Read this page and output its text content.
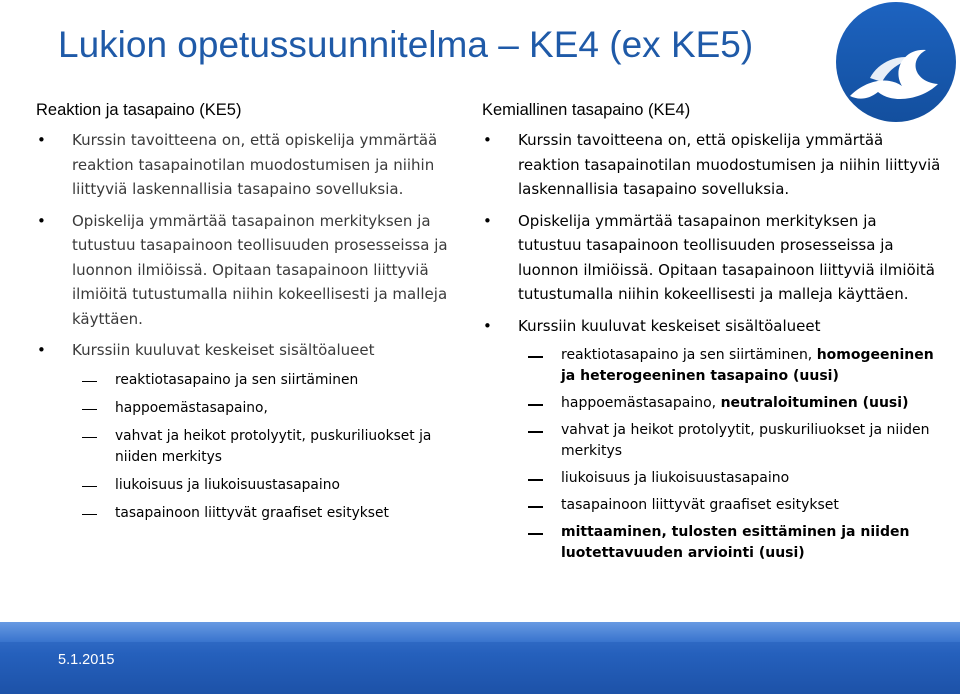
Lukion opetussuunnitelma – KE4 (ex KE5)
Reaktion ja tasapaino (KE5)
• Kurssin tavoitteena on, että opiskelija ymmärtää reaktion tasapainotilan muodostumisen ja niihin liittyviä laskennallisia tasapaino sovelluksia.
• Opiskelija ymmärtää tasapainon merkityksen ja tutustuu tasapainoon teollisuuden prosesseissa ja luonnon ilmiöissä. Opitaan tasapainoon liittyviä ilmiöitä tutustumalla niihin kokeellisesti ja malleja käyttäen.
• Kurssiin kuuluvat keskeiset sisältöalueet
reaktiotasapaino ja sen siirtäminen
happoemästasapaino,
vahvat ja heikot protolyytit, puskuriliuokset ja niiden merkitys
liukoisuus ja liukoisuustasapaino
tasapainoon liittyvät graafiset esitykset
Kemiallinen tasapaino (KE4)
• Kurssin tavoitteena on, että opiskelija ymmärtää reaktion tasapainotilan muodostumisen ja niihin liittyviä laskennallisia tasapaino sovelluksia.
• Opiskelija ymmärtää tasapainon merkityksen ja tutustuu tasapainoon teollisuuden prosesseissa ja luonnon ilmiöissä. Opitaan tasapainoon liittyviä ilmiöitä tutustumalla niihin kokeellisesti ja malleja käyttäen.
• Kurssiin kuuluvat keskeiset sisältöalueet
reaktiotasapaino ja sen siirtäminen, homogeeninen ja heterogeeninen tasapaino (uusi)
happoemästasapaino, neutraloituminen (uusi)
vahvat ja heikot protolyytit, puskuriliuokset ja niiden merkitys
liukoisuus ja liukoisuustasapaino
tasapainoon liittyvät graafiset esitykset
mittaaminen, tulosten esittäminen ja niiden luotettavuuden arviointi (uusi)
5.1.2015
